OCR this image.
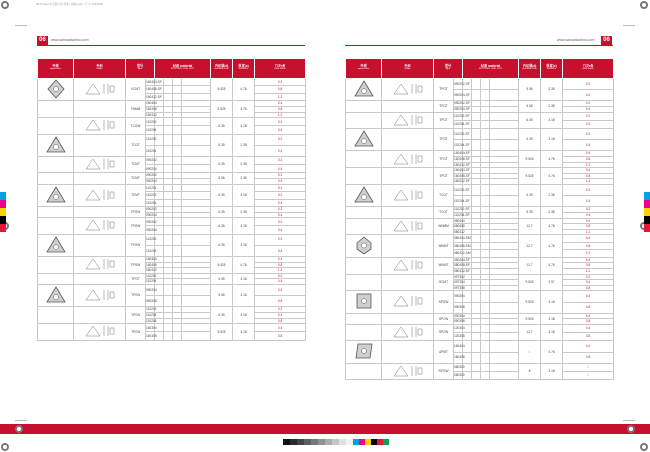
3074 wen中文版刀片资料 面版.pdf • 尺寸 2021/6/5
06	www.samadiachina.com	06
www.samadiachina.com
外观
appearance	外形
shape	型号
type		材质 material
SS7C SS21 SS61 SS71				内切圆(d)
inscribed circle	厚度(s)
thickness	刀尖r角
nose radius	孔径(d1)
hole diameter

		VCMT	160404-SF					9.525	4.76	0.4	
			160408-SF							0.8	
			160412-SF							1.2	
		TNMM	160404					9.525	4.76	0.4	
			160408							0.8	
			160412							1.2	
		TCGW	110202					6.35	3.18	0.2	
			110204							0.4	
		TCGT	110202					6.35	2.38	0.2	
			110204							0.4	
		TCMT	090202					6.35	2.38	0.2	
			090204							0.4	
		TCMT	090202					5.56	2.38	0.2	
			090204							0.4	
		TCMT	110201					6.35	3.18	0.1	
			110202							0.2	
			110204							0.4	
		TPGW	090202					6.35	2.38	0.2	
			090204							0.4	
		TPGW	090202					6.35	3.18	0.2	
			090204							0.4	
		TPGW	110202					6.35	3.18	0.2	
			110204							0.4	
		TPGW	160404					9.525	4.76	0.4	
			160408							0.8	
			160412							1.2	
		TPGT	110202					6.35	3.18	0.2	
			110204							0.4	
		TPGN	090204					5.56	3.18	0.4	
			090208							0.8	
		TPGN	110202					6.35	3.18	0.2	
			110204							0.4	
			110208							0.8	
		TPGN	160304					9.525	3.18	0.4	
			160308							0.8	
外观
appearance	外形
shape	型号
type		材质 material
SS7C SS21 SS61 SS71				内切圆(d)
inscribed circle	厚度(s)
thickness	刀尖r角
nose radius	孔径(d1)
hole diameter

		TPGT	090202-SF					5.56	2.38	0.2	
			090204-SF							0.4	
		TPGT	090202-SF					5.56	2.38	0.2	
			090204-SF							0.4	
		TPGT	110202-SF					6.35	3.18	0.2	
			110204-SF							0.4	
		TPGT	110202-SF					6.35	3.18	0.2	
			110204-SF							0.4	
		TPGT	160404-SF					9.525	4.76	0.4	
			160408-SF							0.8	
			160412-SF							1.2	
		TPGT	160404-SF					9.525	4.76	0.4	
			160408-SF							0.8	
			160412-SF							1.2	
		TCGT	110202-SF					6.35	2.38	0.2	
			110204-SF							0.4	
		TCGT	110202-SF					6.35	2.38	0.2	
			110204-SF							0.4	
		WNMM	080404					12.7	4.76	0.4	
			080408							0.8	
			080412							1.2	
		WNMT	080404-SM					12.7	4.76	0.4	
			080408-SM							0.8	
			080412-SM							1.2	
		WNMT	080404-SF					12.7	4.76	0.4	
			080408-SF							0.8	
			080412-SF							1.2	
		SCMT	09T302					9.525	3.97	0.2	
			09T304							0.4	
			09T308							0.8	
		SPGW	090304					9.525	3.18	0.4	
			090308							0.8	
		SPGN	090304					9.525	3.18	0.4	
			090308							0.8	
		SPGN	120304					12.7	3.18	0.4	
			120308							0.8	
		APMT	160404					/	4.76	0.4	
			160408							0.8	
		RPGW	080300					8	3.18	/	
			080300							/	
